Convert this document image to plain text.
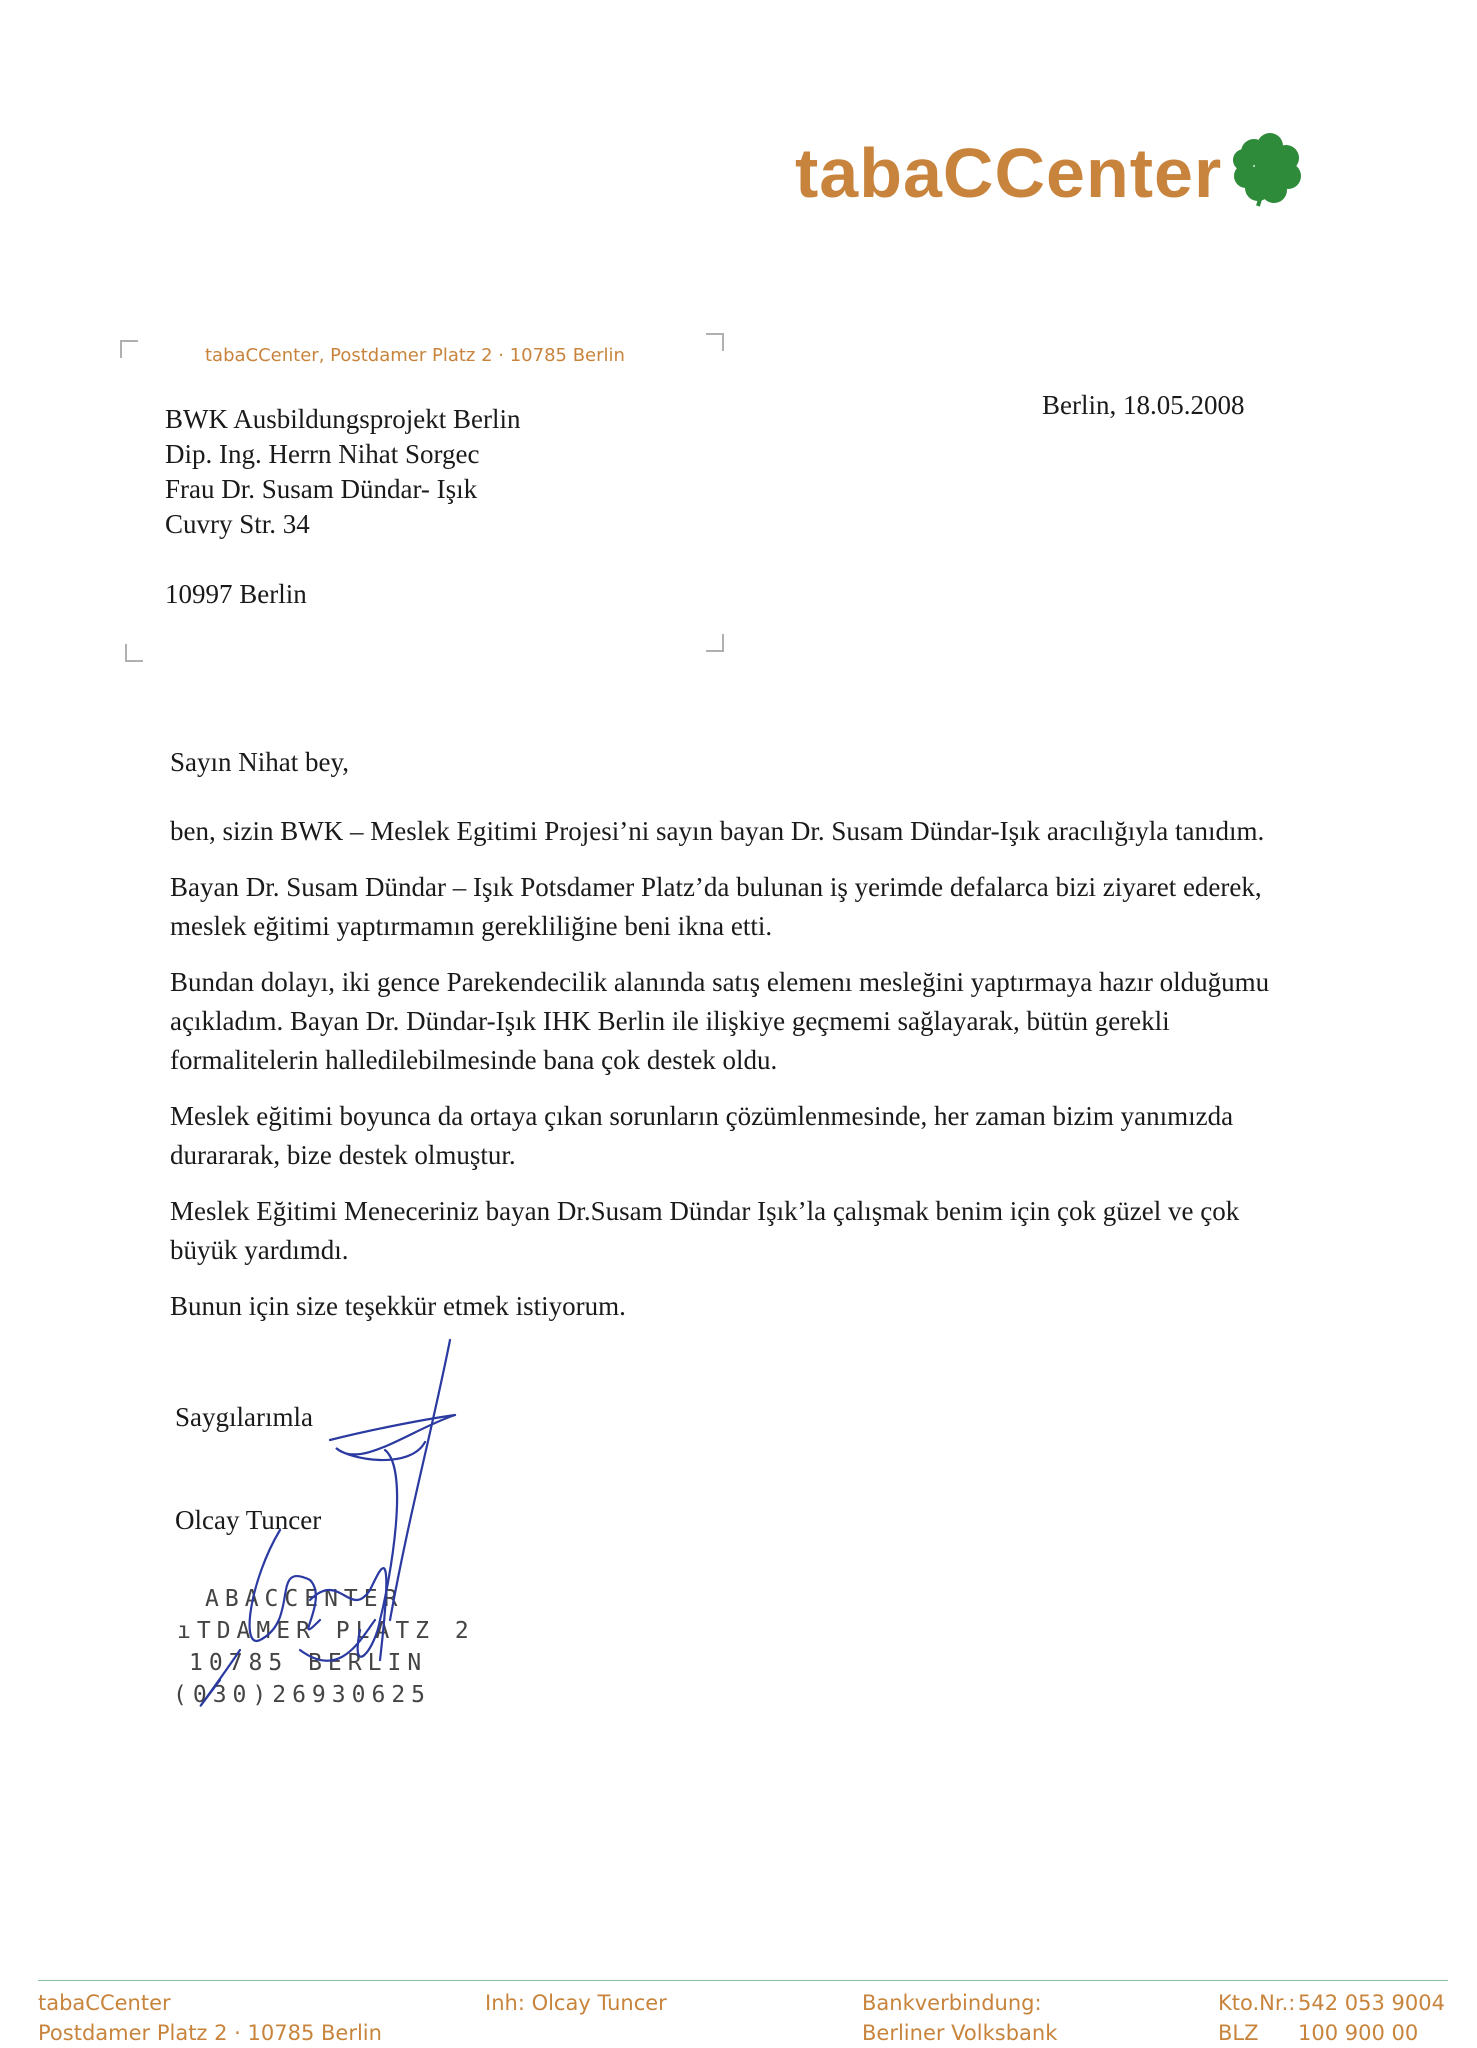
tabaCCenter
tabaCCenter, Postdamer Platz 2 · 10785 Berlin
BWK Ausbildungsprojekt Berlin
Dip. Ing. Herrn Nihat Sorgec
Frau Dr. Susam Dündar- Işık
Cuvry Str. 34
10997 Berlin
Berlin, 18.05.2008

Sayın Nihat bey,

ben, sizin BWK – Meslek Egitimi Projesi’ni sayın bayan Dr. Susam Dündar-Işık aracılığıyla tanıdım.

Bayan Dr. Susam Dündar – Işık Potsdamer Platz’da bulunan iş yerimde defalarca bizi ziyaret ederek, meslek eğitimi yaptırmamın gerekliliğine beni ikna etti.

Bundan dolayı, iki gence Parekendecilik alanında satış elemenı mesleğini yaptırmaya hazır olduğumu açıkladım. Bayan Dr. Dündar-Işık IHK Berlin ile ilişkiye geçmemi sağlayarak, bütün gerekli formalitelerin halledilebilmesinde bana çok destek oldu.

Meslek eğitimi boyunca da ortaya çıkan sorunların çözümlenmesinde, her zaman bizim yanımızda durararak, bize destek olmuştur.

Meslek Eğitimi Meneceriniz bayan Dr.Susam Dündar Işık’la çalışmak benim için çok güzel ve çok büyük yardımdı.

Bunun için size teşekkür etmek istiyorum.

Saygılarımla
Olcay Tuncer
ABACCENTER
ıTDAMER PLATZ 2
10785 BERLIN
(030)26930625
tabaCCenter
Postdamer Platz 2 · 10785 Berlin
Inh: Olcay Tuncer	Bankverbindung:
Berliner Volksbank
Kto.Nr.: 542 053 9004
BLZ	100 900 00
